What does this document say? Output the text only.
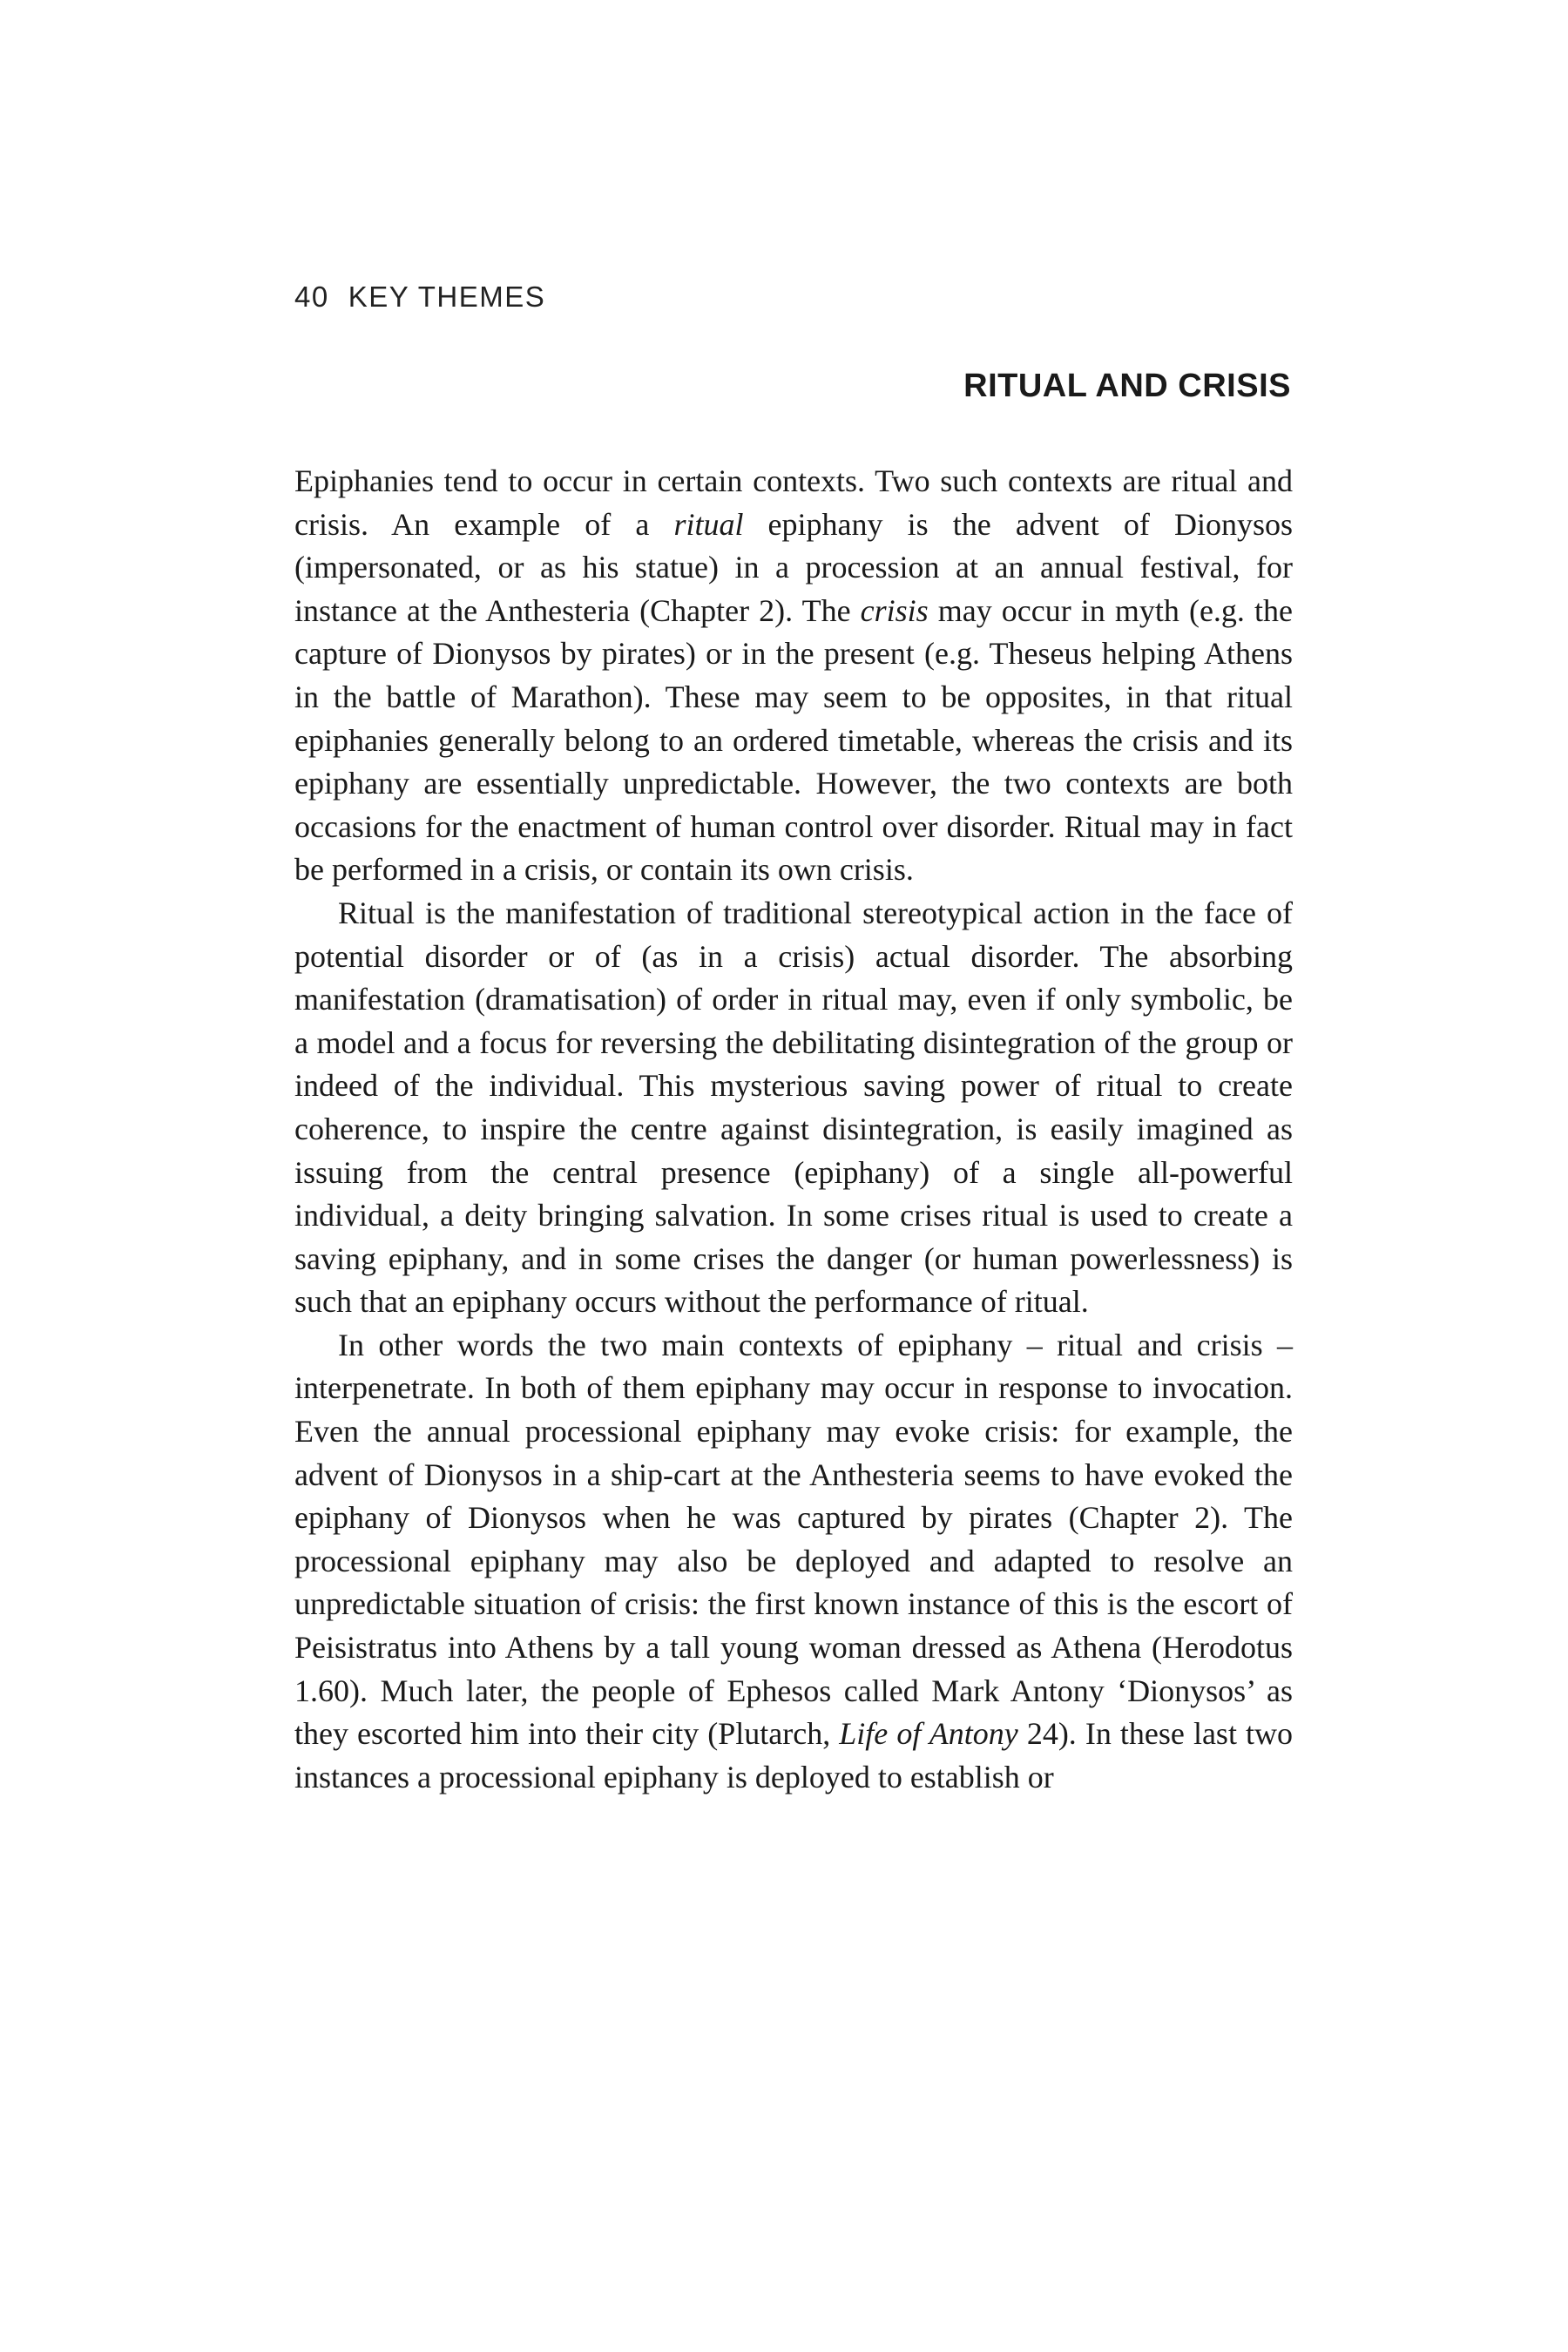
40 KEY THEMES
RITUAL AND CRISIS

Epiphanies tend to occur in certain contexts. Two such contexts are ritual and crisis. An example of a ritual epiphany is the advent of Dionysos (impersonated, or as his statue) in a procession at an annual festival, for instance at the Anthesteria (Chapter 2). The crisis may occur in myth (e.g. the capture of Dionysos by pirates) or in the present (e.g. Theseus helping Athens in the battle of Marathon). These may seem to be opposites, in that ritual epiphanies generally belong to an ordered timetable, whereas the crisis and its epiphany are essentially unpredictable. However, the two contexts are both occasions for the enactment of human control over disorder. Ritual may in fact be performed in a crisis, or contain its own crisis.

Ritual is the manifestation of traditional stereotypical action in the face of potential disorder or of (as in a crisis) actual disorder. The absorbing manifestation (dramatisation) of order in ritual may, even if only symbolic, be a model and a focus for reversing the debilitating disintegration of the group or indeed of the individual. This mysterious saving power of ritual to create coherence, to inspire the centre against disintegration, is easily imagined as issuing from the central presence (epiphany) of a single all-powerful individual, a deity bringing salvation. In some crises ritual is used to create a saving epiphany, and in some crises the danger (or human powerlessness) is such that an epiphany occurs without the performance of ritual.

In other words the two main contexts of epiphany – ritual and crisis – interpenetrate. In both of them epiphany may occur in response to invocation. Even the annual processional epiphany may evoke crisis: for example, the advent of Dionysos in a ship-cart at the Anthesteria seems to have evoked the epiphany of Dionysos when he was captured by pirates (Chapter 2). The processional epiphany may also be deployed and adapted to resolve an unpredictable situation of crisis: the first known instance of this is the escort of Peisistratus into Athens by a tall young woman dressed as Athena (Herodotus 1.60). Much later, the people of Ephesos called Mark Antony ‘Dionysos’ as they escorted him into their city (Plutarch, Life of Antony 24). In these last two instances a processional epiphany is deployed to establish or
